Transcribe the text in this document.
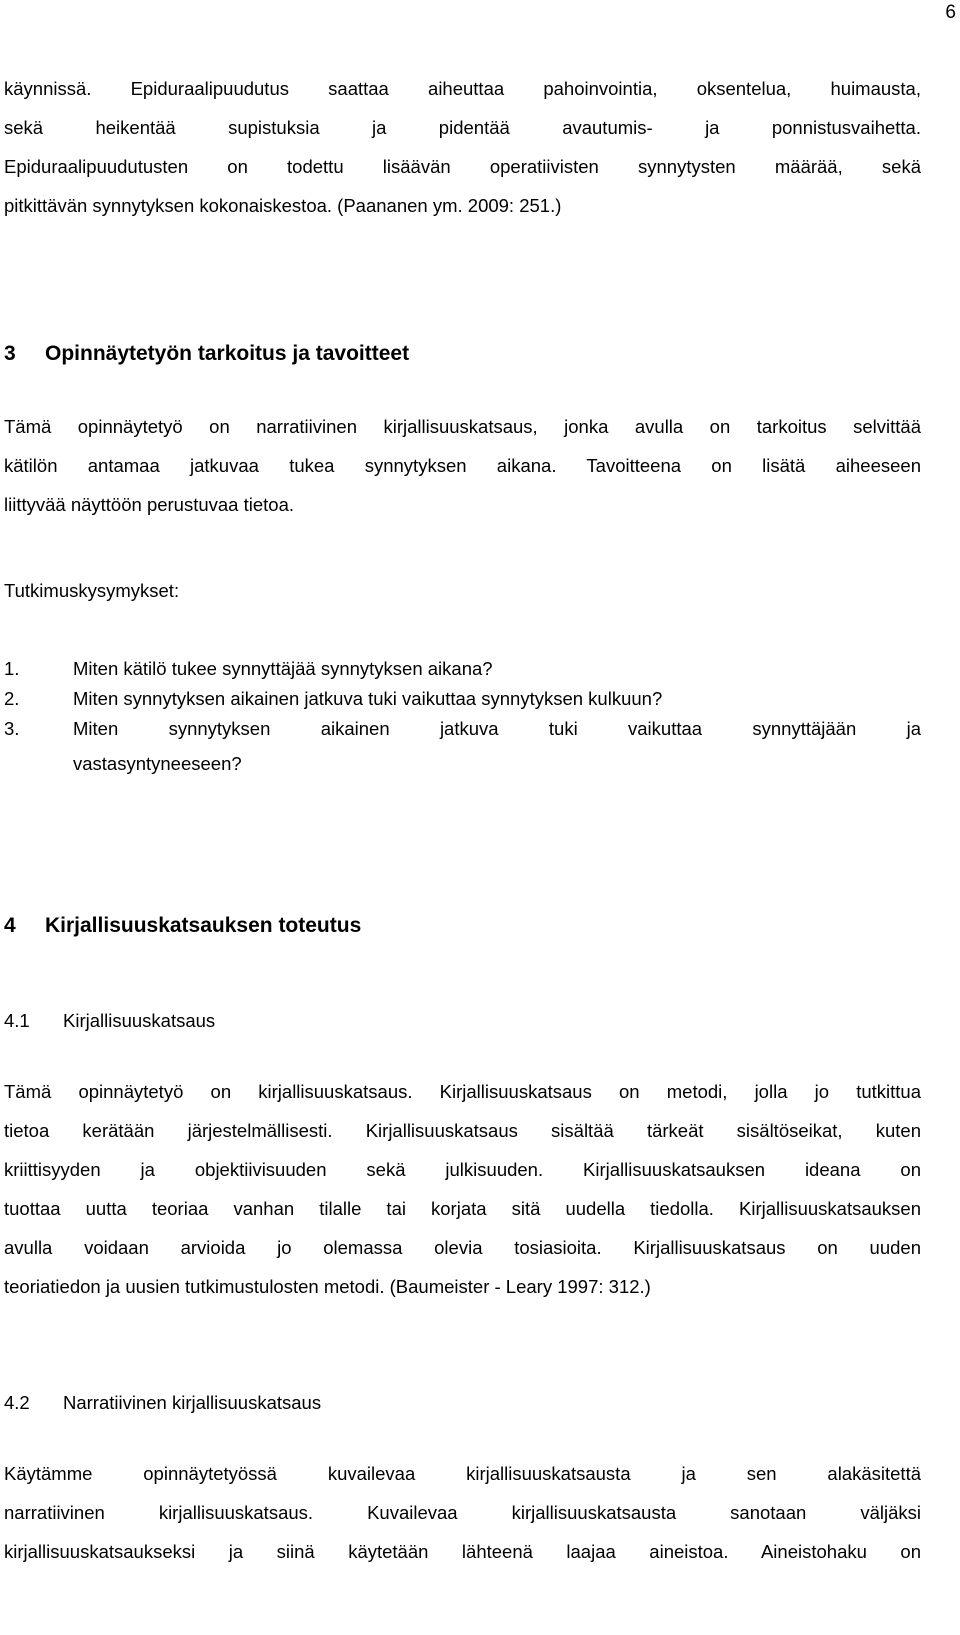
6
käynnissä. Epiduraalipuudutus saattaa aiheuttaa pahoinvointia, oksentelua, huimausta,
sekä heikentää supistuksia ja pidentää avautumis- ja ponnistusvaihetta.
Epiduraalipuudutusten on todettu lisäävän operatiivisten synnytysten määrää, sekä
pitkittävän synnytyksen kokonaiskestoa. (Paananen ym. 2009: 251.)
3 Opinnäytetyön tarkoitus ja tavoitteet
Tämä opinnäytetyö on narratiivinen kirjallisuuskatsaus, jonka avulla on tarkoitus selvittää
kätilön antamaa jatkuvaa tukea synnytyksen aikana. Tavoitteena on lisätä aiheeseen
liittyvää näyttöön perustuvaa tietoa.
Tutkimuskysymykset:
1.	Miten kätilö tukee synnyttäjää synnytyksen aikana?
2.	Miten synnytyksen aikainen jatkuva tuki vaikuttaa synnytyksen kulkuun?
3.	Miten synnytyksen aikainen jatkuva tuki vaikuttaa synnyttäjään ja
vastasyntyneeseen?
4 Kirjallisuuskatsauksen toteutus
4.1 Kirjallisuuskatsaus
Tämä opinnäytetyö on kirjallisuuskatsaus. Kirjallisuuskatsaus on metodi, jolla jo tutkittua
tietoa kerätään järjestelmällisesti. Kirjallisuuskatsaus sisältää tärkeät sisältöseikat, kuten
kriittisyyden ja objektiivisuuden sekä julkisuuden. Kirjallisuuskatsauksen ideana on
tuottaa uutta teoriaa vanhan tilalle tai korjata sitä uudella tiedolla. Kirjallisuuskatsauksen
avulla voidaan arvioida jo olemassa olevia tosiasioita. Kirjallisuuskatsaus on uuden
teoriatiedon ja uusien tutkimustulosten metodi. (Baumeister - Leary 1997: 312.)
4.2 Narratiivinen kirjallisuuskatsaus
Käytämme opinnäytetyössä kuvailevaa kirjallisuuskatsausta ja sen alakäsitettä
narratiivinen kirjallisuuskatsaus. Kuvailevaa kirjallisuuskatsausta sanotaan väljäksi
kirjallisuuskatsaukseksi ja siinä käytetään lähteenä laajaa aineistoa. Aineistohaku on
